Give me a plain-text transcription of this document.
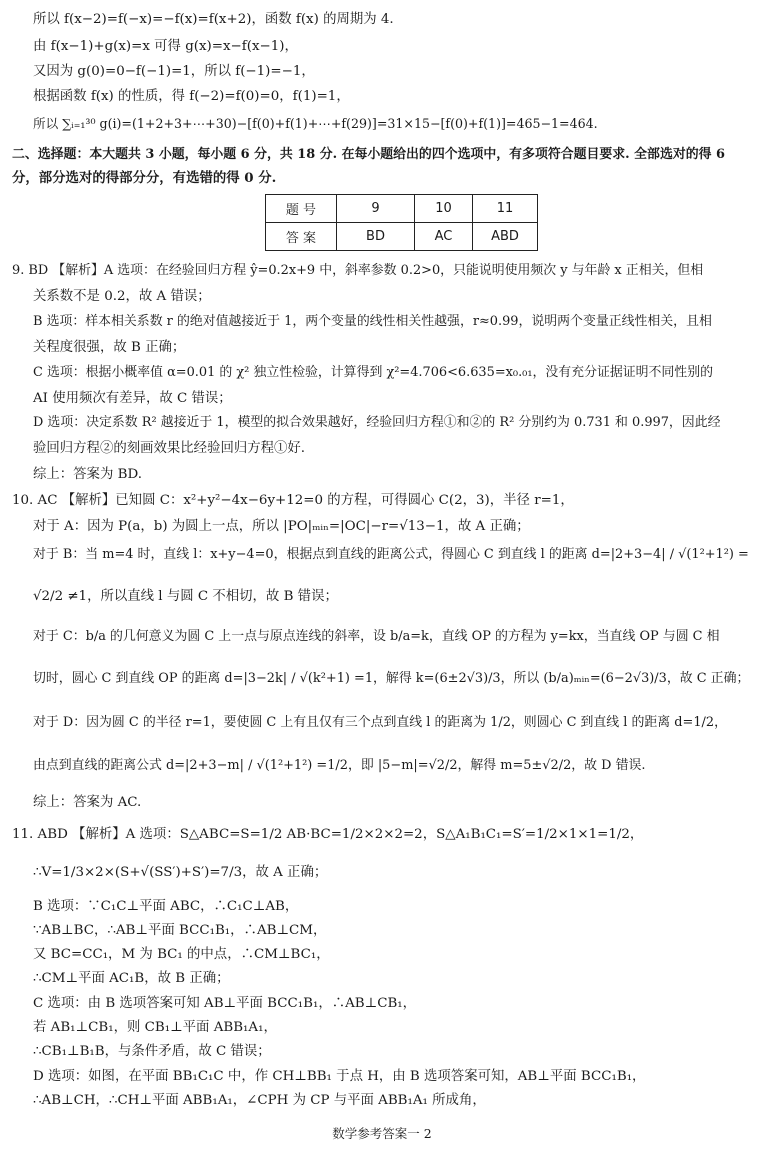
所以 f(x−2)=f(−x)=−f(x)=f(x+2)，函数 f(x) 的周期为 4.
由 f(x−1)+g(x)=x 可得 g(x)=x−f(x−1)，
又因为 g(0)=0−f(−1)=1，所以 f(−1)=−1，
根据函数 f(x) 的性质，得 f(−2)=f(0)=0，f(1)=1，
所以 ∑ᵢ₌₁³⁰ g(i)=(1+2+3+⋯+30)−[f(0)+f(1)+⋯+f(29)]=31×15−[f(0)+f(1)]=465−1=464.
二、选择题：本大题共 3 小题，每小题 6 分，共 18 分. 在每小题给出的四个选项中，有多项符合题目要求. 全部选对的得 6
分，部分选对的得部分分，有选错的得 0 分.
题 号	9	10	11
答 案	BD	AC	ABD
9. BD 【解析】A 选项：在经验回归方程 ŷ=0.2x+9 中，斜率参数 0.2>0，只能说明使用频次 y 与年龄 x 正相关，但相
关系数不是 0.2，故 A 错误；
B 选项：样本相关系数 r 的绝对值越接近于 1，两个变量的线性相关性越强，r≈0.99，说明两个变量正线性相关，且相
关程度很强，故 B 正确；
C 选项：根据小概率值 α=0.01 的 χ² 独立性检验，计算得到 χ²=4.706<6.635=x₀.₀₁，没有充分证据证明不同性别的
AI 使用频次有差异，故 C 错误；
D 选项：决定系数 R² 越接近于 1，模型的拟合效果越好，经验回归方程①和②的 R² 分别约为 0.731 和 0.997，因此经
验回归方程②的刻画效果比经验回归方程①好.
综上：答案为 BD.
10. AC 【解析】已知圆 C：x²+y²−4x−6y+12=0 的方程，可得圆心 C(2，3)，半径 r=1，
对于 A：因为 P(a，b) 为圆上一点，所以 |PO|ₘᵢₙ=|OC|−r=√13−1，故 A 正确；
对于 B：当 m=4 时，直线 l：x+y−4=0，根据点到直线的距离公式，得圆心 C 到直线 l 的距离 d=|2+3−4| / √(1²+1²) =
√2/2 ≠1，所以直线 l 与圆 C 不相切，故 B 错误；
对于 C：b/a 的几何意义为圆 C 上一点与原点连线的斜率，设 b/a=k，直线 OP 的方程为 y=kx，当直线 OP 与圆 C 相
切时，圆心 C 到直线 OP 的距离 d=|3−2k| / √(k²+1) =1，解得 k=(6±2√3)/3，所以 (b/a)ₘᵢₙ=(6−2√3)/3，故 C 正确；
对于 D：因为圆 C 的半径 r=1，要使圆 C 上有且仅有三个点到直线 l 的距离为 1/2，则圆心 C 到直线 l 的距离 d=1/2，
由点到直线的距离公式 d=|2+3−m| / √(1²+1²) =1/2，即 |5−m|=√2/2，解得 m=5±√2/2，故 D 错误.
综上：答案为 AC.
11. ABD 【解析】A 选项：S△ABC=S=1/2 AB·BC=1/2×2×2=2，S△A₁B₁C₁=S′=1/2×1×1=1/2，
∴V=1/3×2×(S+√(SS′)+S′)=7/3，故 A 正确；
B 选项：∵C₁C⊥平面 ABC，∴C₁C⊥AB，
∵AB⊥BC，∴AB⊥平面 BCC₁B₁，∴AB⊥CM，
又 BC=CC₁，M 为 BC₁ 的中点，∴CM⊥BC₁，
∴CM⊥平面 AC₁B，故 B 正确；
C 选项：由 B 选项答案可知 AB⊥平面 BCC₁B₁，∴AB⊥CB₁，
若 AB₁⊥CB₁，则 CB₁⊥平面 ABB₁A₁，
∴CB₁⊥B₁B，与条件矛盾，故 C 错误；
D 选项：如图，在平面 BB₁C₁C 中，作 CH⊥BB₁ 于点 H，由 B 选项答案可知，AB⊥平面 BCC₁B₁，
∴AB⊥CH，∴CH⊥平面 ABB₁A₁，∠CPH 为 CP 与平面 ABB₁A₁ 所成角，
数学参考答案一 2
